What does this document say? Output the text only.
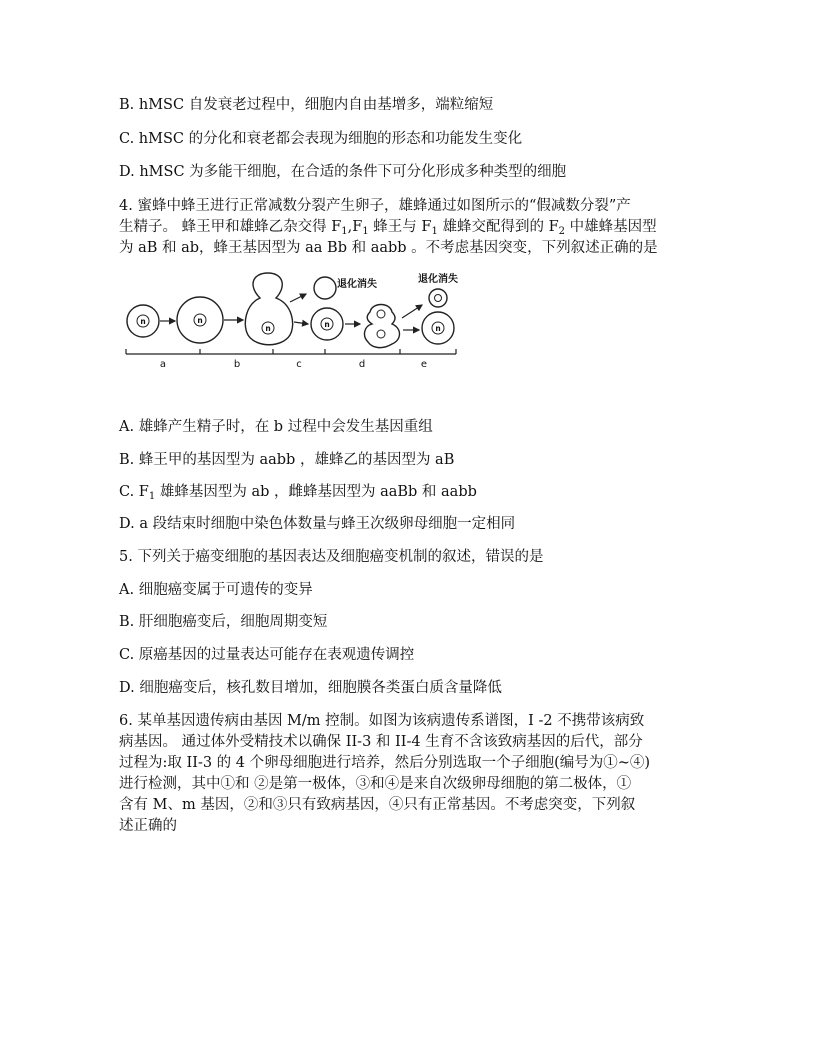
B. hMSC 自发衰老过程中，细胞内自由基增多，端粒缩短
C. hMSC 的分化和衰老都会表现为细胞的形态和功能发生变化
D. hMSC 为多能干细胞，在合适的条件下可分化形成多种类型的细胞
4. 蜜蜂中蜂王进行正常减数分裂产生卵子，雄蜂通过如图所示的“假减数分裂”产
生精子。 蜂王甲和雄蜂乙杂交得 $F_1,F_1$ 蜂王与 $F_1$ 雄蜂交配得到的 $F_2$ 中雄蜂基因型
为 aB 和 ab，蜂王基因型为 aa Bb 和 aabb 。不考虑基因突变，下列叙述正确的是
n	n
n	n	n
退化消失	退化消失
a	b	c	d	e
A. 雄蜂产生精子时，在 b 过程中会发生基因重组
B. 蜂王甲的基因型为 aabb ，雄蜂乙的基因型为 aB
C. $F_1$ 雄蜂基因型为 ab ，雌蜂基因型为 aaBb 和 aabb
D. a 段结束时细胞中染色体数量与蜂王次级卵母细胞一定相同
5. 下列关于癌变细胞的基因表达及细胞癌变机制的叙述，错误的是
A. 细胞癌变属于可遗传的变异
B. 肝细胞癌变后，细胞周期变短
C. 原癌基因的过量表达可能存在表观遗传调控
D. 细胞癌变后，核孔数目增加，细胞膜各类蛋白质含量降低
6. 某单基因遗传病由基因 M/m 控制。如图为该病遗传系谱图，I -2 不携带该病致
病基因。 通过体外受精技术以确保 II-3 和 II-4 生育不含该致病基因的后代，部分
过程为:取 II-3 的 4 个卵母细胞进行培养，然后分别选取一个子细胞(编号为①~④)
进行检测，其中①和 ②是第一极体，③和④是来自次级卵母细胞的第二极体，①
含有 M、m 基因，②和③只有致病基因，④只有正常基因。不考虑突变，下列叙
述正确的
